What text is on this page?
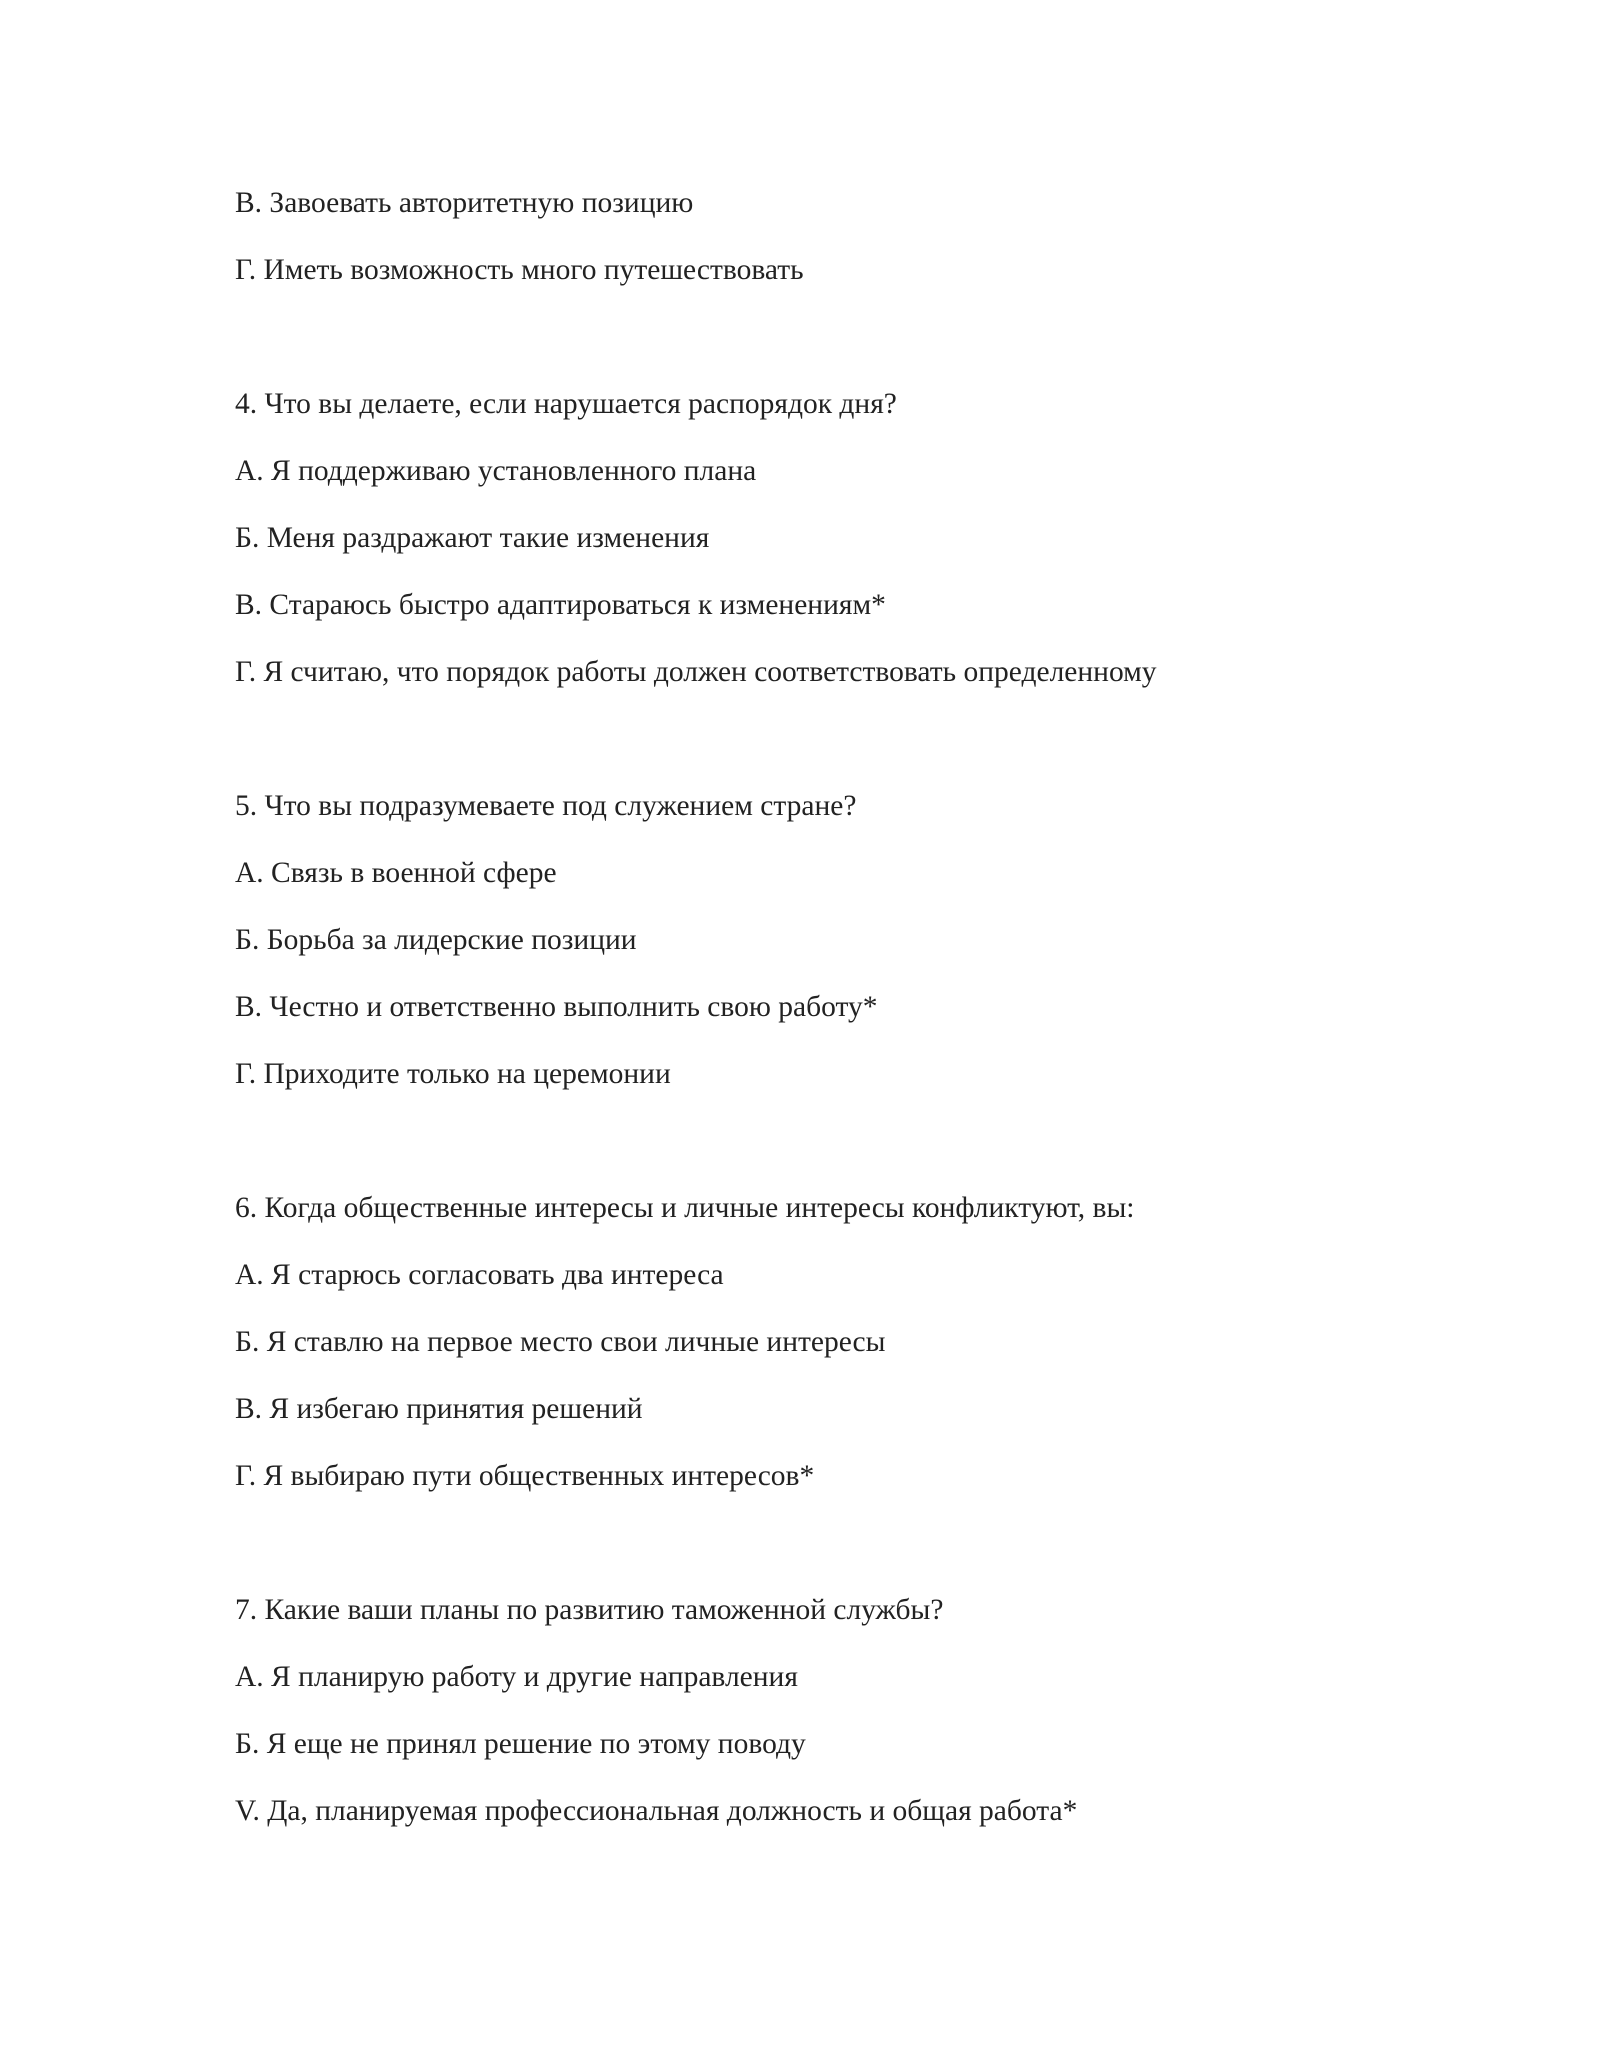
В. Завоевать авторитетную позицию
Г. Иметь возможность много путешествовать
4. Что вы делаете, если нарушается распорядок дня?
А. Я поддерживаю установленного плана
Б. Меня раздражают такие изменения
В. Стараюсь быстро адаптироваться к изменениям*
Г. Я считаю, что порядок работы должен соответствовать определенному
5. Что вы подразумеваете под служением стране?
А. Связь в военной сфере
Б. Борьба за лидерские позиции
В. Честно и ответственно выполнить свою работу*
Г. Приходите только на церемонии
6. Когда общественные интересы и личные интересы конфликтуют, вы:
А. Я старюсь согласовать два интереса
Б. Я ставлю на первое место свои личные интересы
В. Я избегаю принятия решений
Г. Я выбираю пути общественных интересов*
7. Какие ваши планы по развитию таможенной службы?
А. Я планирую работу и другие направления
Б. Я еще не принял решение по этому поводу
V. Да, планируемая профессиональная должность и общая работа*
